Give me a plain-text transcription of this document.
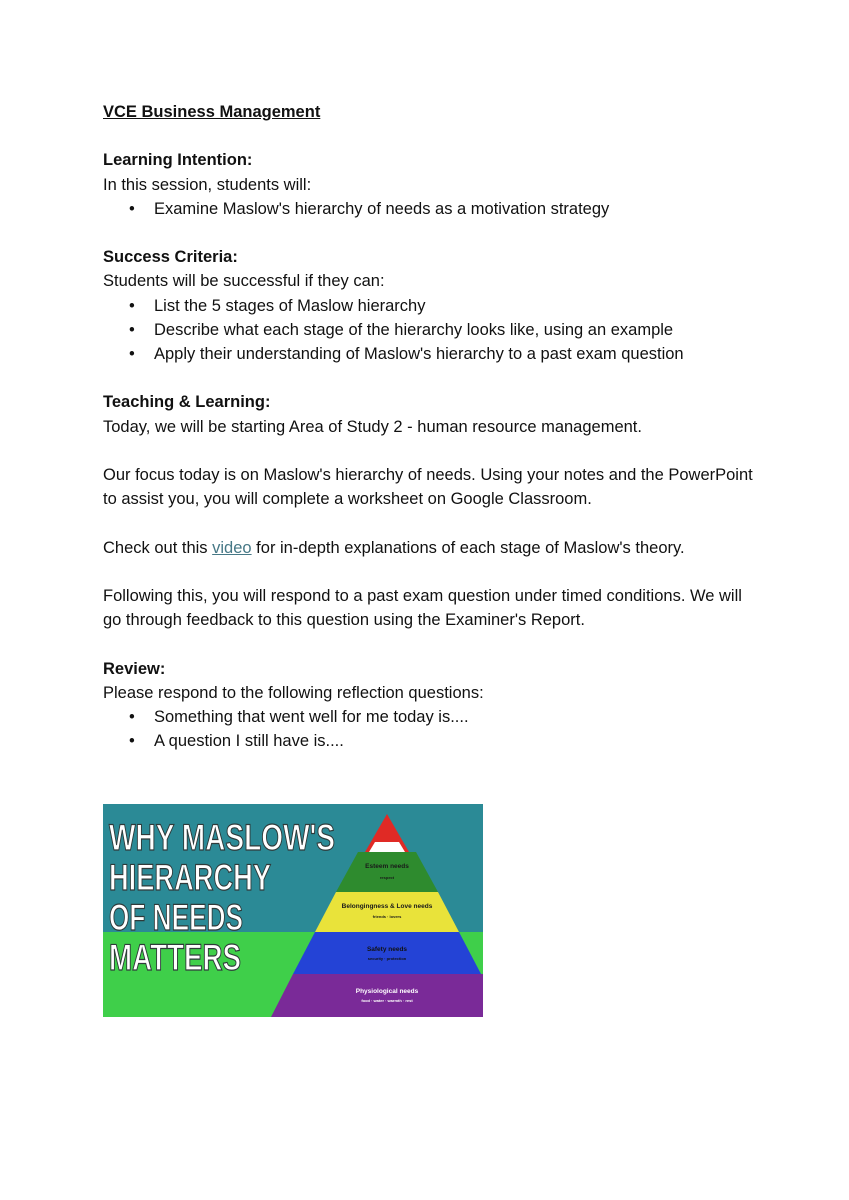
VCE Business Management

Learning Intention:

In this session, students will:

• Examine Maslow's hierarchy of needs as a motivation strategy

Success Criteria:

Students will be successful if they can:

• List the 5 stages of Maslow hierarchy
• Describe what each stage of the hierarchy looks like, using an example
• Apply their understanding of Maslow's hierarchy to a past exam question

Teaching & Learning:

Today, we will be starting Area of Study 2 - human resource management.

Our focus today is on Maslow's hierarchy of needs. Using your notes and the PowerPoint

to assist you, you will complete a worksheet on Google Classroom.

Check out this video for in-depth explanations of each stage of Maslow's theory.

Following this, you will respond to a past exam question under timed conditions. We will

go through feedback to this question using the Examiner's Report.

Review:

Please respond to the following reflection questions:

• Something that went well for me today is....
• A question I still have is....
Esteem needs
respect
Belongingness & Love needs
friends · lovers
Safety needs
security · protection
Physiological needs
food · water · warmth · rest
WHY MASLOW'S
HIERARCHY
OF NEEDS
MATTERS
